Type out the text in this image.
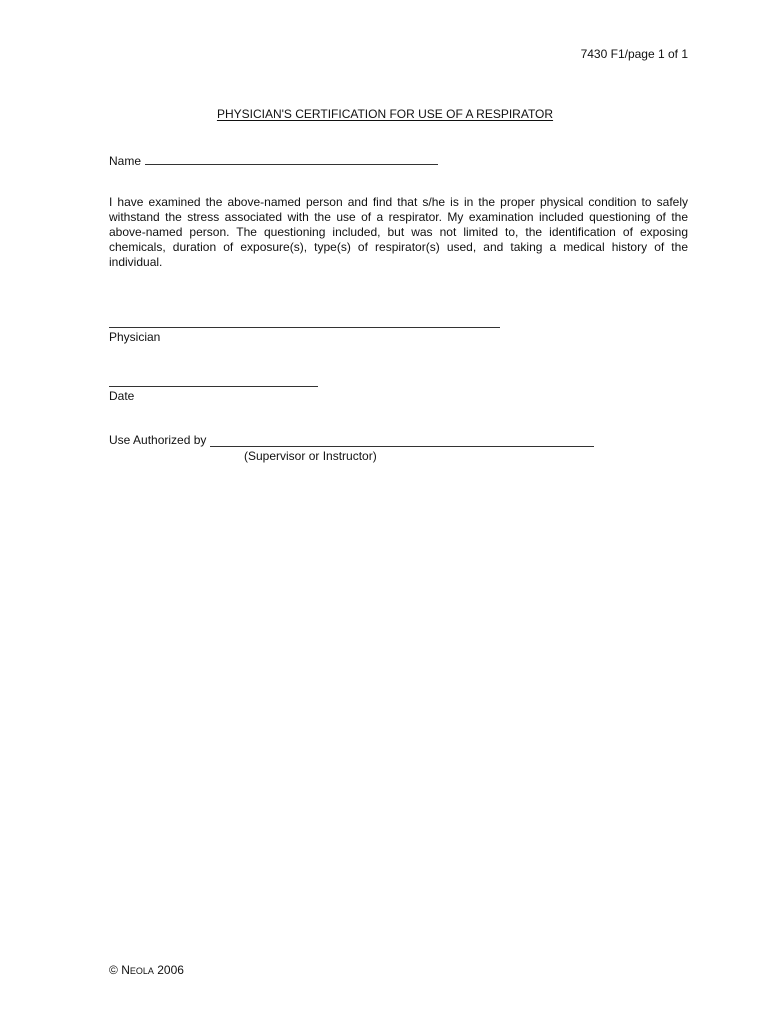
7430 F1/page 1 of 1
PHYSICIAN'S CERTIFICATION FOR USE OF A RESPIRATOR
Name
I have examined the above-named person and find that s/he is in the proper physical condition to safely withstand the stress associated with the use of a respirator. My examination included questioning of the above-named person. The questioning included, but was not limited to, the identification of exposing chemicals, duration of exposure(s), type(s) of respirator(s) used, and taking a medical history of the individual.
Physician
Date
Use Authorized by
(Supervisor or Instructor)
© NEOLA 2006
